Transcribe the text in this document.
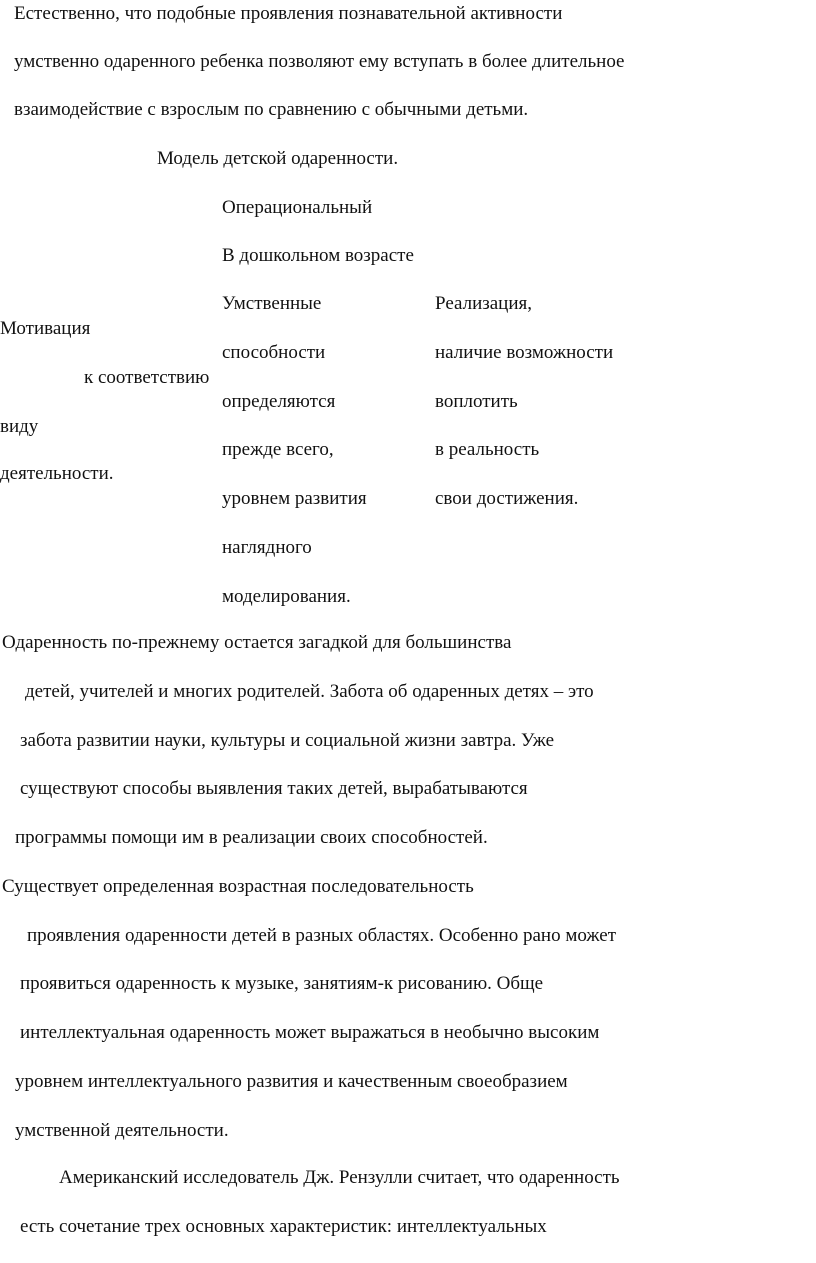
Естественно, что подобные проявления познавательной активности
умственно одаренного ребенка позволяют ему вступать в более длительное
взаимодействие с взрослым по сравнению с обычными детьми.
Модель детской одаренности.
Операциональный
В дошкольном возрасте
Мотивация
к соответствию
виду
деятельности.
Умственные
способности
определяются
прежде всего,
уровнем развития
наглядного
моделирования.
Реализация,
наличие возможности
воплотить
в реальность
свои достижения.
Одаренность по-прежнему остается загадкой для большинства
детей, учителей и многих родителей. Забота об одаренных детях – это
забота развитии науки, культуры и социальной жизни завтра. Уже
существуют способы выявления таких детей, вырабатываются
программы помощи им в реализации своих способностей.
Существует определенная возрастная последовательность
проявления одаренности детей в разных областях. Особенно рано может
проявиться одаренность к музыке, занятиям-к рисованию. Обще
интеллектуальная одаренность может выражаться в необычно высоким
уровнем интеллектуального развития и качественным своеобразием
умственной деятельности.
Американский исследователь Дж. Рензулли считает, что одаренность
есть сочетание трех основных характеристик: интеллектуальных
